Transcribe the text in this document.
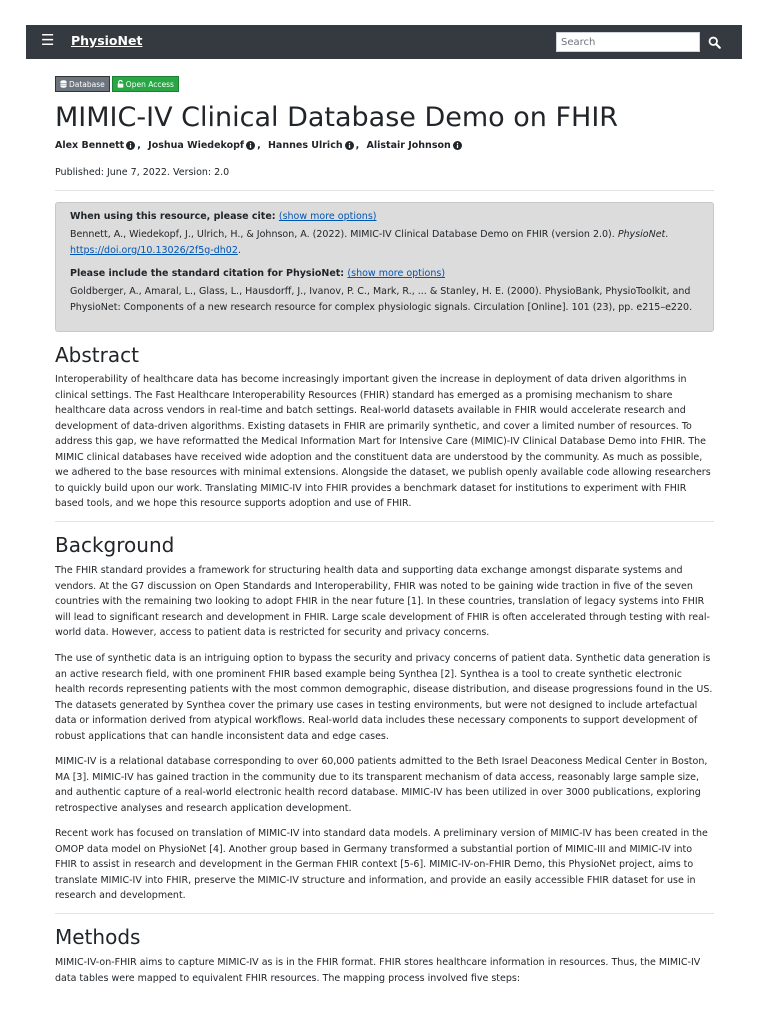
☰ PhysioNet
Search
Database	Open Access
MIMIC-IV Clinical Database Demo on FHIR
Alex Bennett , Joshua Wiedekopf , Hannes Ulrich , Alistair Johnson
Published: June 7, 2022. Version: 2.0
When using this resource, please cite: (show more options)
Bennett, A., Wiedekopf, J., Ulrich, H., & Johnson, A. (2022). MIMIC-IV Clinical Database Demo on FHIR (version 2.0). PhysioNet. https://doi.org/10.13026/2f5g-dh02.
Please include the standard citation for PhysioNet: (show more options)
Goldberger, A., Amaral, L., Glass, L., Hausdorff, J., Ivanov, P. C., Mark, R., ... & Stanley, H. E. (2000). PhysioBank, PhysioToolkit, and PhysioNet: Components of a new research resource for complex physiologic signals. Circulation [Online]. 101 (23), pp. e215–e220.
Abstract

Interoperability of healthcare data has become increasingly important given the increase in deployment of data driven algorithms in clinical settings. The Fast Healthcare Interoperability Resources (FHIR) standard has emerged as a promising mechanism to share healthcare data across vendors in real-time and batch settings. Real-world datasets available in FHIR would accelerate research and development of data-driven algorithms. Existing datasets in FHIR are primarily synthetic, and cover a limited number of resources. To address this gap, we have reformatted the Medical Information Mart for Intensive Care (MIMIC)-IV Clinical Database Demo into FHIR. The MIMIC clinical databases have received wide adoption and the constituent data are understood by the community. As much as possible, we adhered to the base resources with minimal extensions. Alongside the dataset, we publish openly available code allowing researchers to quickly build upon our work. Translating MIMIC-IV into FHIR provides a benchmark dataset for institutions to experiment with FHIR based tools, and we hope this resource supports adoption and use of FHIR.

Background

The FHIR standard provides a framework for structuring health data and supporting data exchange amongst disparate systems and vendors. At the G7 discussion on Open Standards and Interoperability, FHIR was noted to be gaining wide traction in five of the seven countries with the remaining two looking to adopt FHIR in the near future [1]. In these countries, translation of legacy systems into FHIR will lead to significant research and development in FHIR. Large scale development of FHIR is often accelerated through testing with real-world data. However, access to patient data is restricted for security and privacy concerns.

The use of synthetic data is an intriguing option to bypass the security and privacy concerns of patient data. Synthetic data generation is an active research field, with one prominent FHIR based example being Synthea [2]. Synthea is a tool to create synthetic electronic health records representing patients with the most common demographic, disease distribution, and disease progressions found in the US. The datasets generated by Synthea cover the primary use cases in testing environments, but were not designed to include artefactual data or information derived from atypical workflows. Real-world data includes these necessary components to support development of robust applications that can handle inconsistent data and edge cases.

MIMIC-IV is a relational database corresponding to over 60,000 patients admitted to the Beth Israel Deaconess Medical Center in Boston, MA [3]. MIMIC-IV has gained traction in the community due to its transparent mechanism of data access, reasonably large sample size, and authentic capture of a real-world electronic health record database. MIMIC-IV has been utilized in over 3000 publications, exploring retrospective analyses and research application development.

Recent work has focused on translation of MIMIC-IV into standard data models. A preliminary version of MIMIC-IV has been created in the OMOP data model on PhysioNet [4]. Another group based in Germany transformed a substantial portion of MIMIC-III and MIMIC-IV into FHIR to assist in research and development in the German FHIR context [5-6]. MIMIC-IV-on-FHIR Demo, this PhysioNet project, aims to translate MIMIC-IV into FHIR, preserve the MIMIC-IV structure and information, and provide an easily accessible FHIR dataset for use in research and development.

Methods

MIMIC-IV-on-FHIR aims to capture MIMIC-IV as is in the FHIR format. FHIR stores healthcare information in resources. Thus, the MIMIC-IV data tables were mapped to equivalent FHIR resources. The mapping process involved five steps:
